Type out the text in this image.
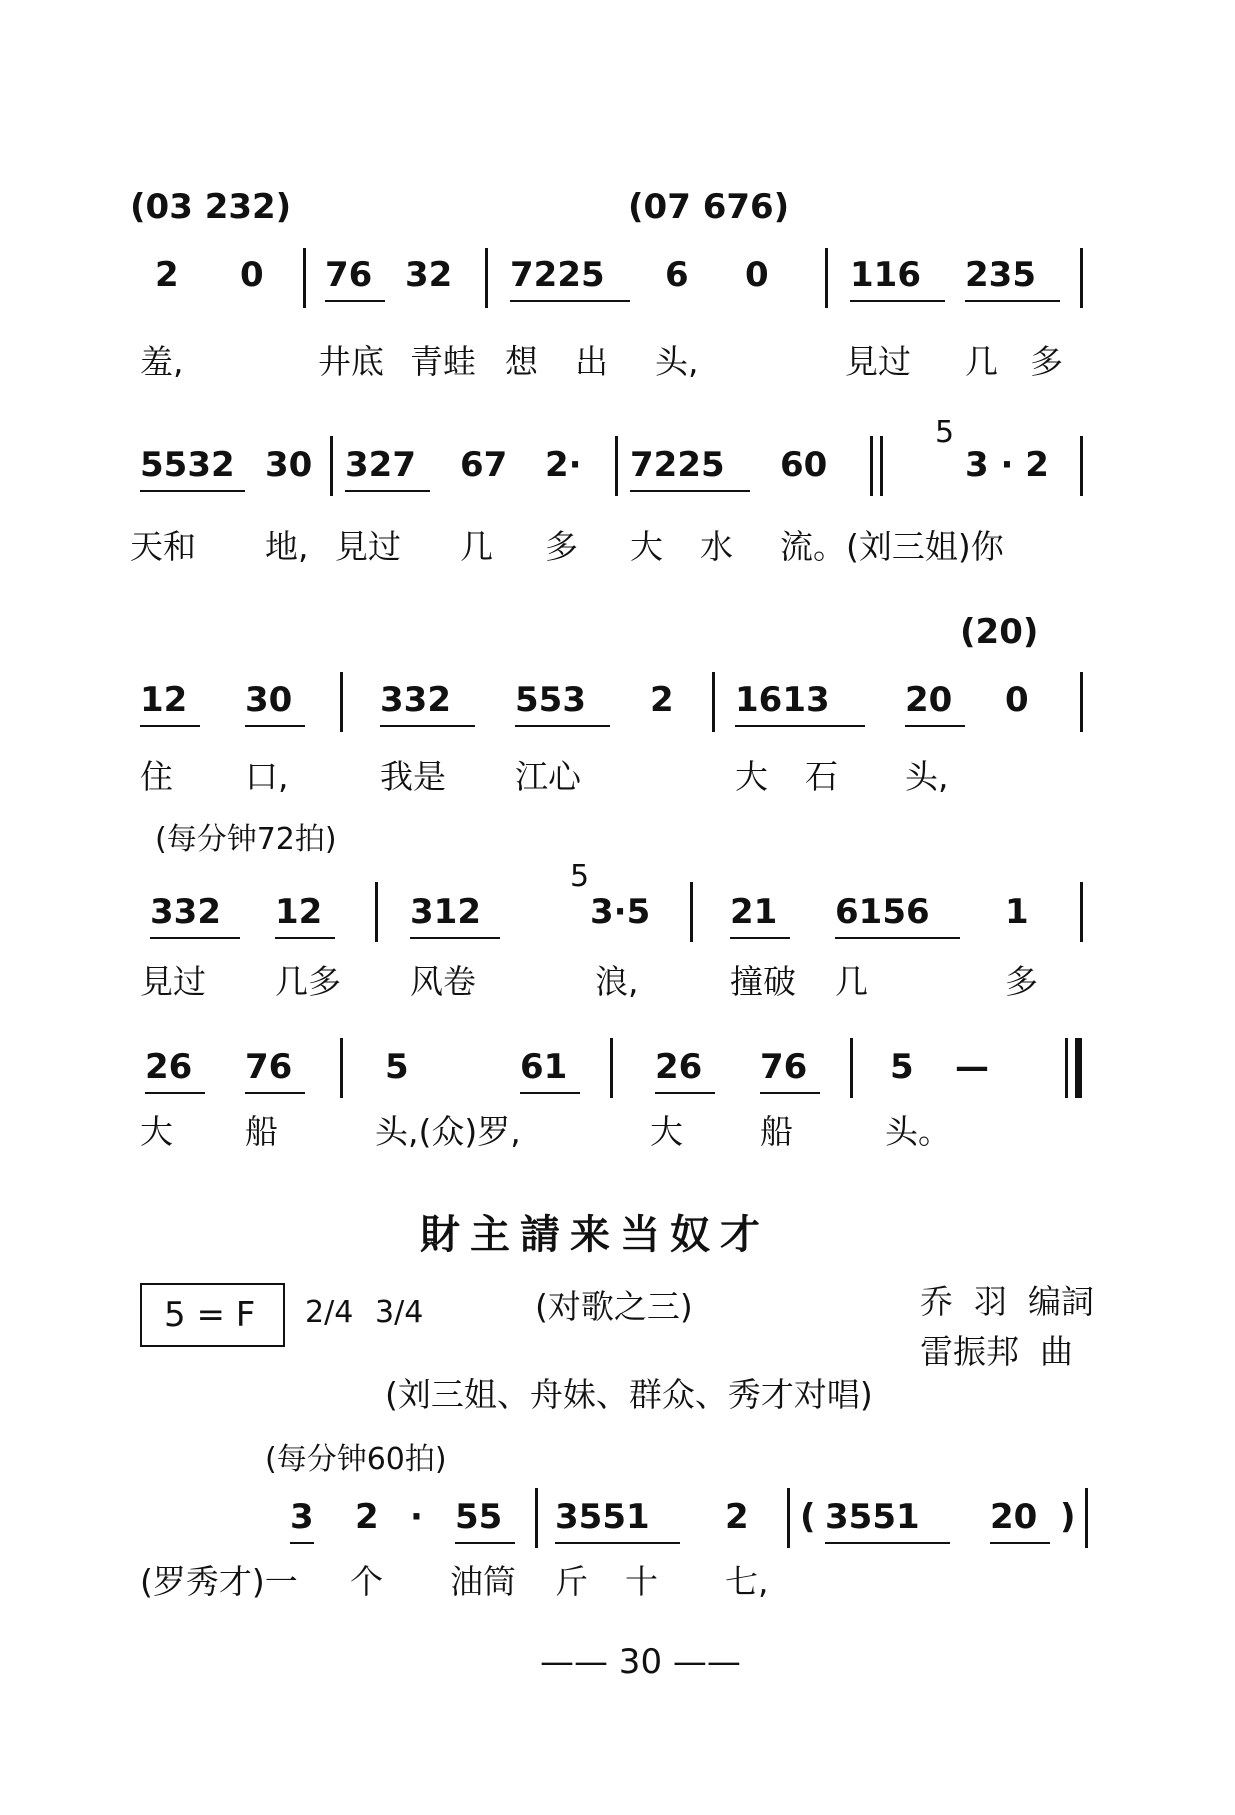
(03 232)	(07 676)
2 0 76 32 7225 6 0 116 235
羞,	井底 青蛙 想 出 头,	見过 几 多
5532 30 327 67 2· 7225 60
5
3 · 2
天和 地, 見过 几 多 大 水 流。(刘三姐)你
(20)
12 30	332 553 2 1613 20 0
住 口,	我是 江心	大 石 头,
(每分钟72拍)
332 12	312
5
3·5 21 6156 1
見过 几多 风卷	浪,	撞破 几	多
26 76	5	61	26 76 5 —
大 船	头,(众)罗,	大 船	头。
財主請来当奴才
5 = F 2/4 3/4	(对歌之三)	乔  羽  编詞
雷振邦  曲
(刘三姐、舟妹、群众、秀才对唱)
(每分钟60拍)
3 2 · 55 3551 2 ( 3551 20 )
(罗秀才)一 个 油筒 斤 十 七,
—— 30 ——
